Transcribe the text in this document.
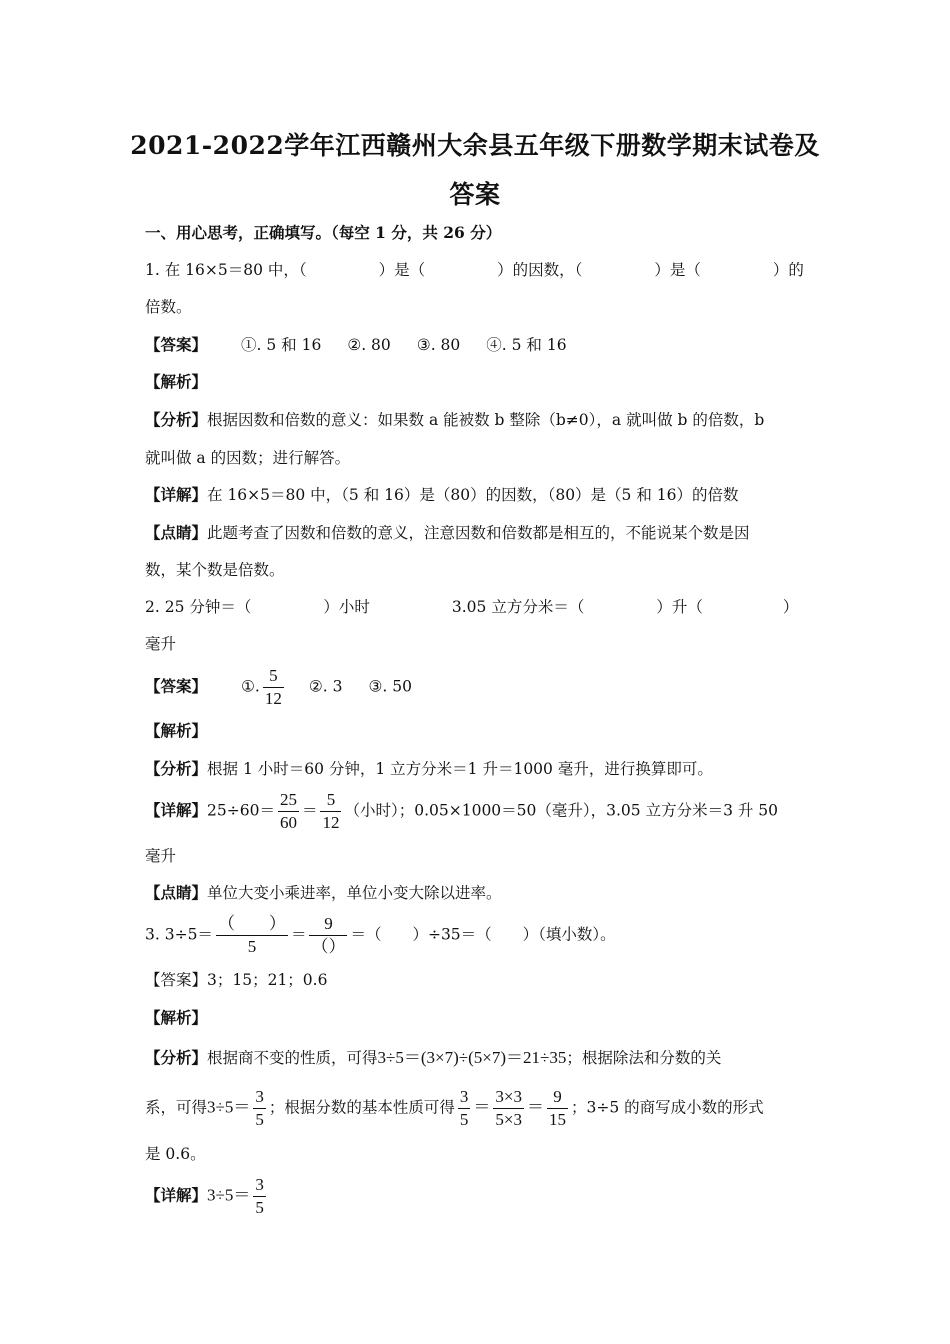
2021-2022学年江西赣州大余县五年级下册数学期末试卷及
答案
一、用心思考，正确填写。（每空 1 分，共 26 分）
1. 在 16×5＝80 中，（	）是（	）的因数，（	）是（	）的
倍数。
【答案】 ①. 5 和 16 ②. 80 ③. 80 ④. 5 和 16
【解析】
【分析】根据因数和倍数的意义：如果数 a 能被数 b 整除（b≠0），a 就叫做 b 的倍数，b
就叫做 a 的因数；进行解答。
【详解】在 16×5＝80 中，（5 和 16）是（80）的因数，（80）是（5 和 16）的倍数
【点睛】此题考查了因数和倍数的意义，注意因数和倍数都是相互的，不能说某个数是因
数，某个数是倍数。
2. 25 分钟＝（	）小时	3.05 立方分米＝（	）升（	）
毫升
【答案】 ①. $\frac{5}{12}$ ②. 3 ③. 50
【解析】
【分析】根据 1 小时＝60 分钟，1 立方分米＝1 升＝1000 毫升，进行换算即可。
【详解】$25\div 60= \frac{25}{60} = \frac{5}{12}$ （小时）；0.05×1000＝50（毫升），3.05 立方分米＝3 升 50
毫升
【点睛】单位大变小乘进率，单位小变大除以进率。
3. $3\div 5= \frac{( )}{5} = \frac{9}{()}$ ＝（　　）÷35＝（　　）（填小数）。
【答案】3；15；21；0.6
【解析】
【分析】根据商不变的性质，可得3÷5＝(3×7)÷(5×7)＝21÷35；根据除法和分数的关
系，可得$3\div 5= \frac{3}{5}$ ；根据分数的基本性质可得 $\frac{3}{5} = \frac{3\times 3}{5\times 3} = \frac{9}{15}$ ；3÷5 的商写成小数的形式
是 0.6。
【详解】$3\div 5= \frac{3}{5}$
